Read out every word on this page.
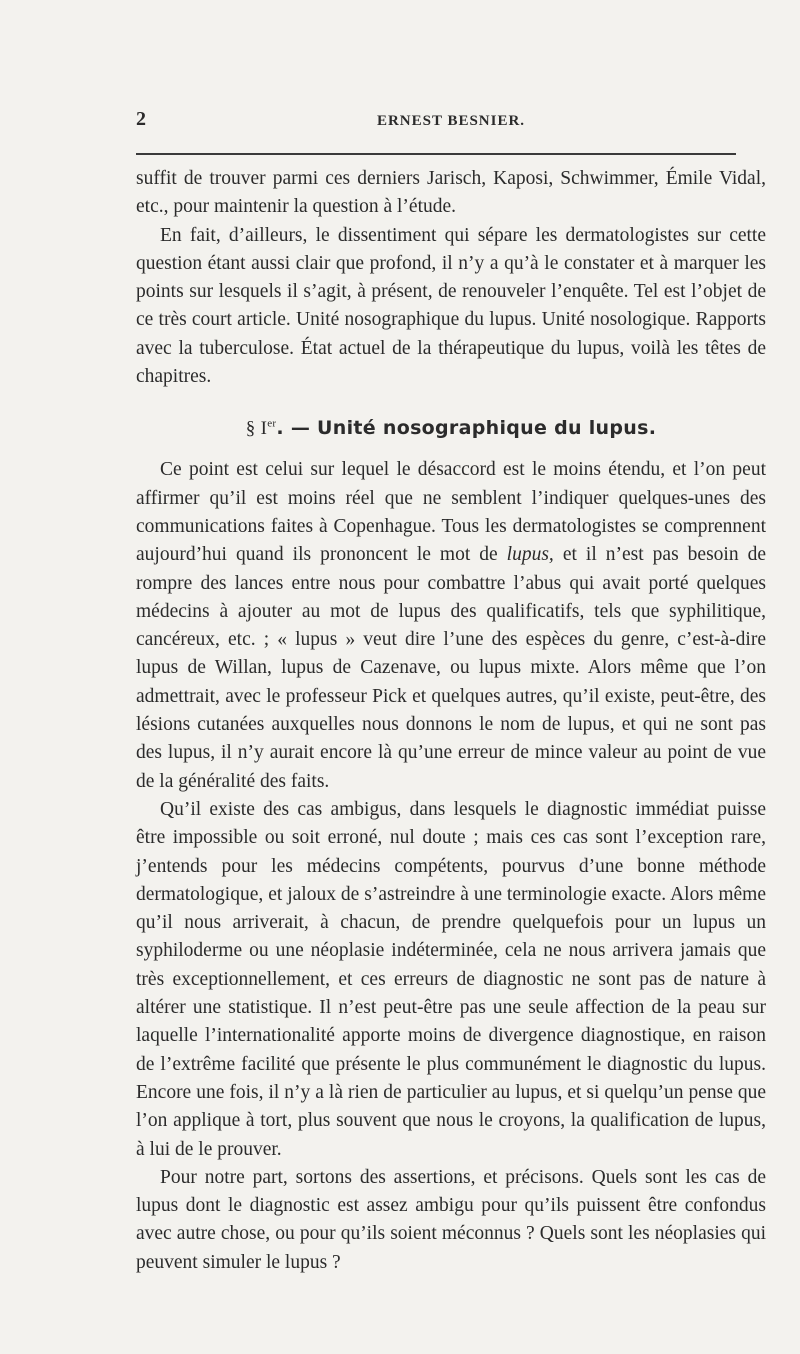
2	ERNEST BESNIER.

suffit de trouver parmi ces derniers Jarisch, Kaposi, Schwimmer, Émile Vidal, etc., pour maintenir la question à l’étude.

En fait, d’ailleurs, le dissentiment qui sépare les dermatologistes sur cette question étant aussi clair que profond, il n’y a qu’à le constater et à marquer les points sur lesquels il s’agit, à présent, de renouveler l’enquête. Tel est l’objet de ce très court article. Unité nosographique du lupus. Unité nosologique. Rapports avec la tuberculose. État actuel de la thérapeutique du lupus, voilà les têtes de chapitres.

§ Ier. — Unité nosographique du lupus.

Ce point est celui sur lequel le désaccord est le moins étendu, et l’on peut affirmer qu’il est moins réel que ne semblent l’indiquer quelques-unes des communications faites à Copenhague. Tous les dermatologistes se comprennent aujourd’hui quand ils prononcent le mot de lupus, et il n’est pas besoin de rompre des lances entre nous pour combattre l’abus qui avait porté quelques médecins à ajouter au mot de lupus des qualificatifs, tels que syphilitique, cancéreux, etc. ; « lupus » veut dire l’une des espèces du genre, c’est-à-dire lupus de Willan, lupus de Cazenave, ou lupus mixte. Alors même que l’on admettrait, avec le professeur Pick et quelques autres, qu’il existe, peut-être, des lésions cutanées auxquelles nous donnons le nom de lupus, et qui ne sont pas des lupus, il n’y aurait encore là qu’une erreur de mince valeur au point de vue de la généralité des faits.

Qu’il existe des cas ambigus, dans lesquels le diagnostic immédiat puisse être impossible ou soit erroné, nul doute ; mais ces cas sont l’exception rare, j’entends pour les médecins compétents, pourvus d’une bonne méthode dermatologique, et jaloux de s’astreindre à une terminologie exacte. Alors même qu’il nous arriverait, à chacun, de prendre quelquefois pour un lupus un syphiloderme ou une néoplasie indéterminée, cela ne nous arrivera jamais que très exceptionnellement, et ces erreurs de diagnostic ne sont pas de nature à altérer une statistique. Il n’est peut-être pas une seule affection de la peau sur laquelle l’internationalité apporte moins de divergence diagnostique, en raison de l’extrême facilité que présente le plus communément le diagnostic du lupus. Encore une fois, il n’y a là rien de particulier au lupus, et si quelqu’un pense que l’on applique à tort, plus souvent que nous le croyons, la qualification de lupus, à lui de le prouver.

Pour notre part, sortons des assertions, et précisons. Quels sont les cas de lupus dont le diagnostic est assez ambigu pour qu’ils puissent être confondus avec autre chose, ou pour qu’ils soient méconnus ? Quels sont les néoplasies qui peuvent simuler le lupus ?
